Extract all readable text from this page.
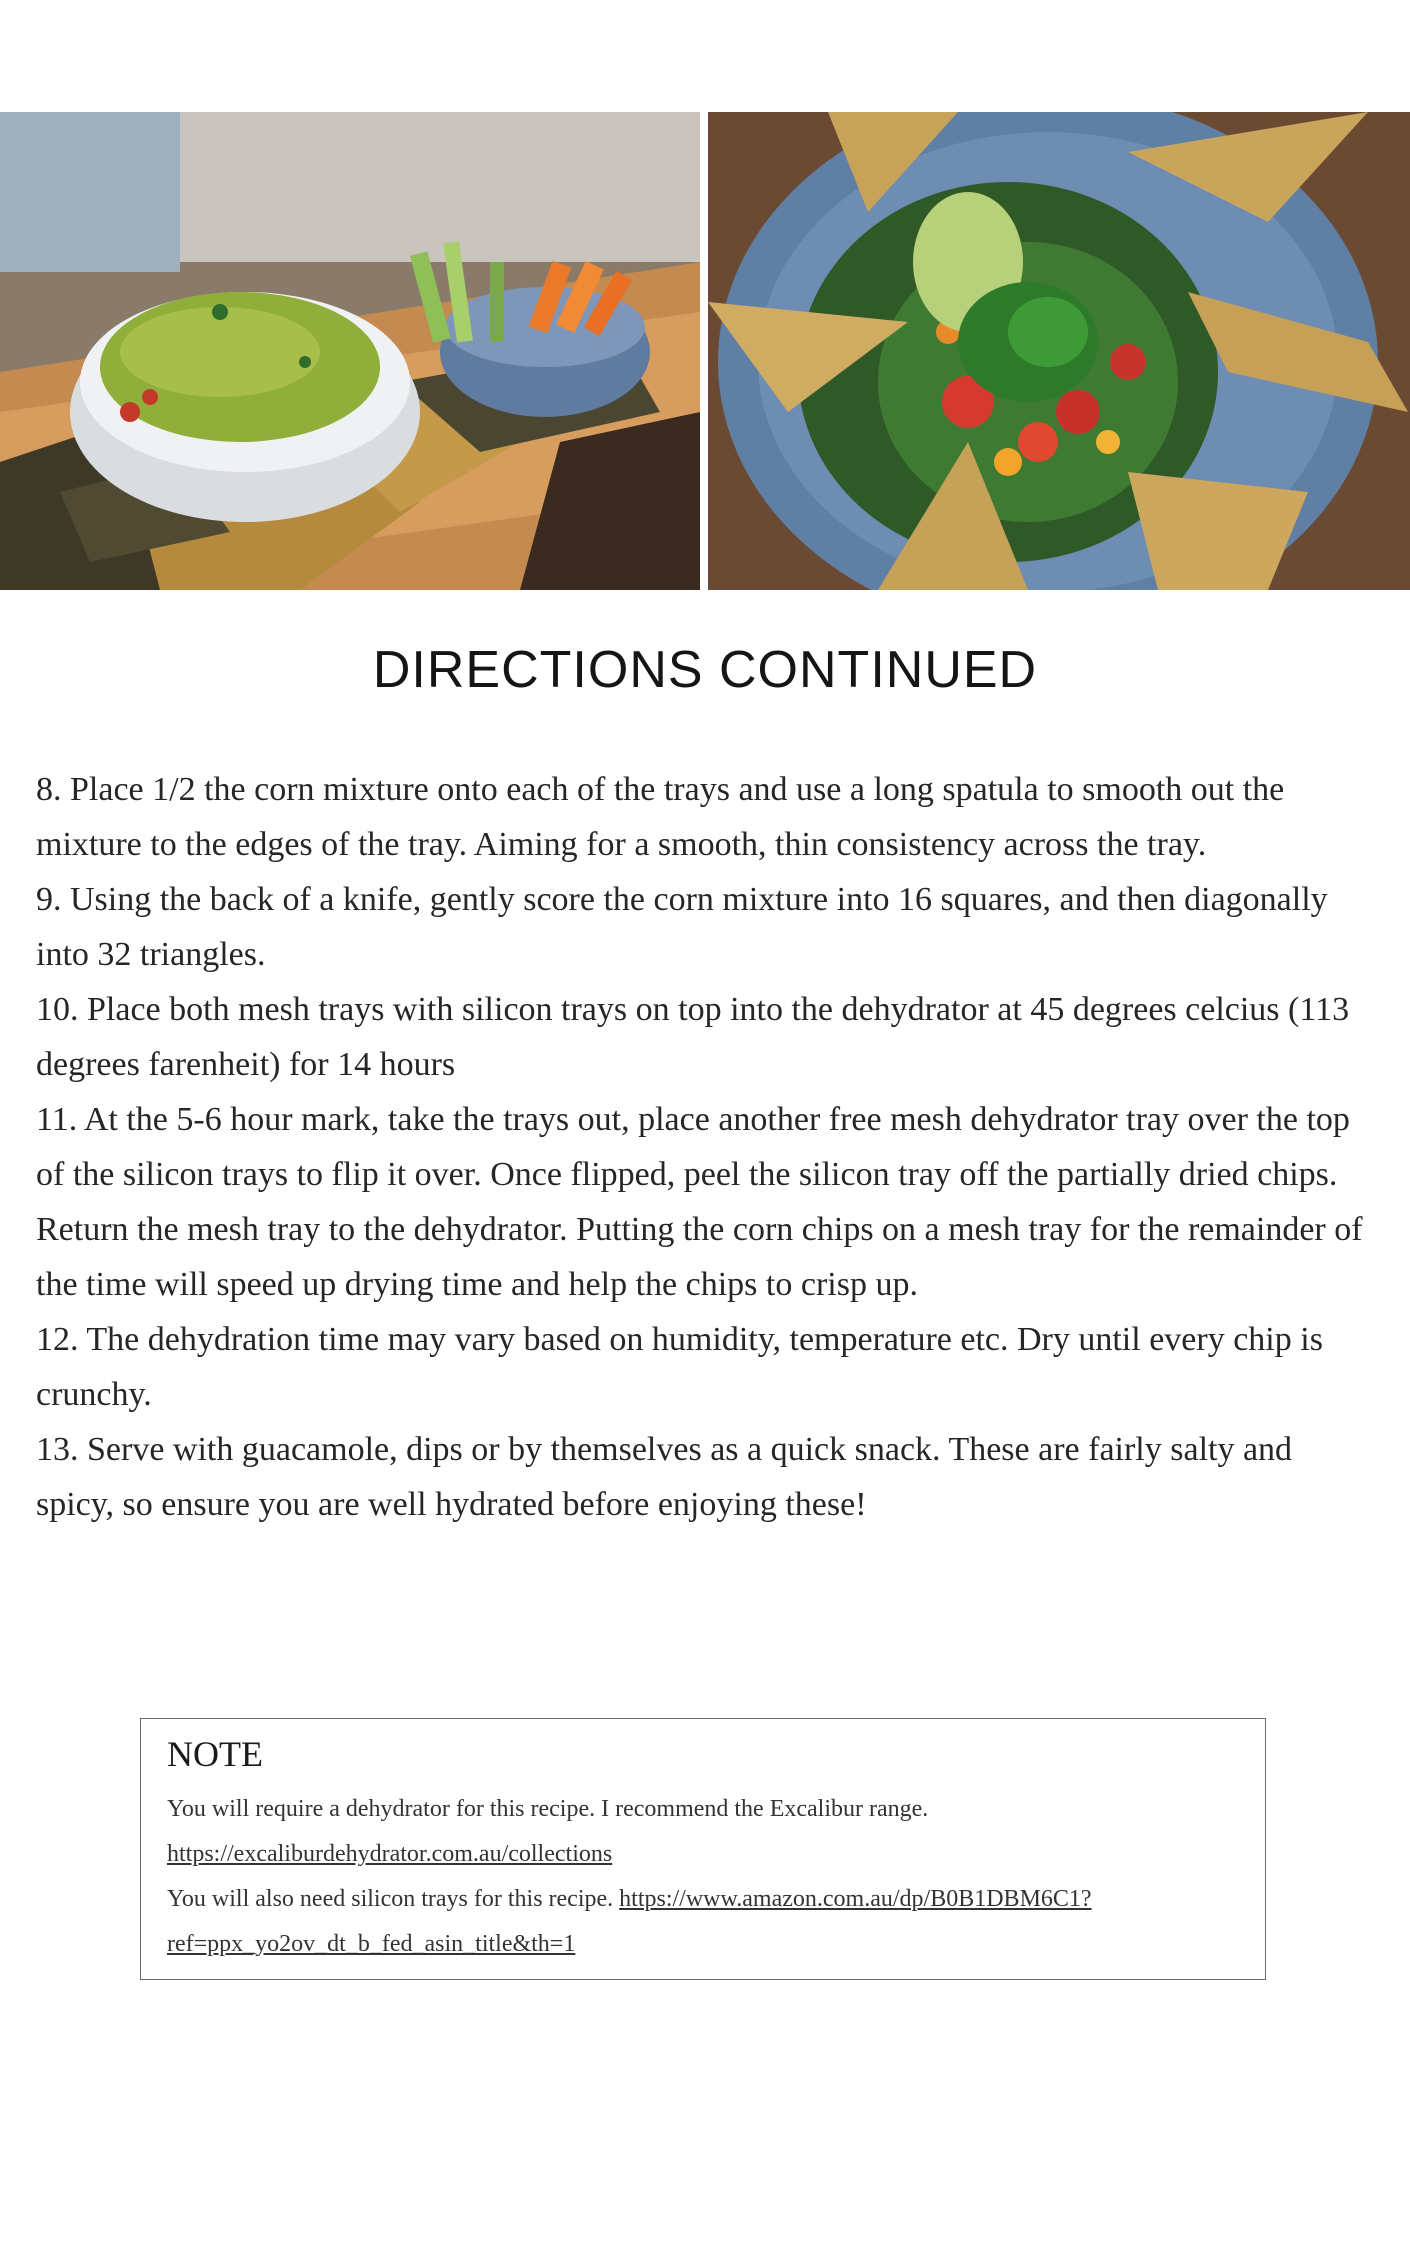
DIRECTIONS CONTINUED

8. Place 1/2 the corn mixture onto each of the trays and use a long spatula to smooth out the mixture to the edges of the tray. Aiming for a smooth, thin consistency across the tray.

9. Using the back of a knife, gently score the corn mixture into 16 squares, and then diagonally into 32 triangles.

10. Place both mesh trays with silicon trays on top into the dehydrator at 45 degrees celcius (113 degrees farenheit) for 14 hours

11. At the 5-6 hour mark, take the trays out, place another free mesh dehydrator tray over the top of the silicon trays to flip it over. Once flipped, peel the silicon tray off the partially dried chips. Return the mesh tray to the dehydrator. Putting the corn chips on a mesh tray for the remainder of the time will speed up drying time and help the chips to crisp up.

12. The dehydration time may vary based on humidity, temperature etc. Dry until every chip is crunchy.

13. Serve with guacamole, dips or by themselves as a quick snack. These are fairly salty and spicy, so ensure you are well hydrated before enjoying these!

NOTE
You will require a dehydrator for this recipe. I recommend the Excalibur range.
https://excaliburdehydrator.com.au/collections
You will also need silicon trays for this recipe. https://www.amazon.com.au/dp/B0B1DBM6C1?ref=ppx_yo2ov_dt_b_fed_asin_title&th=1
